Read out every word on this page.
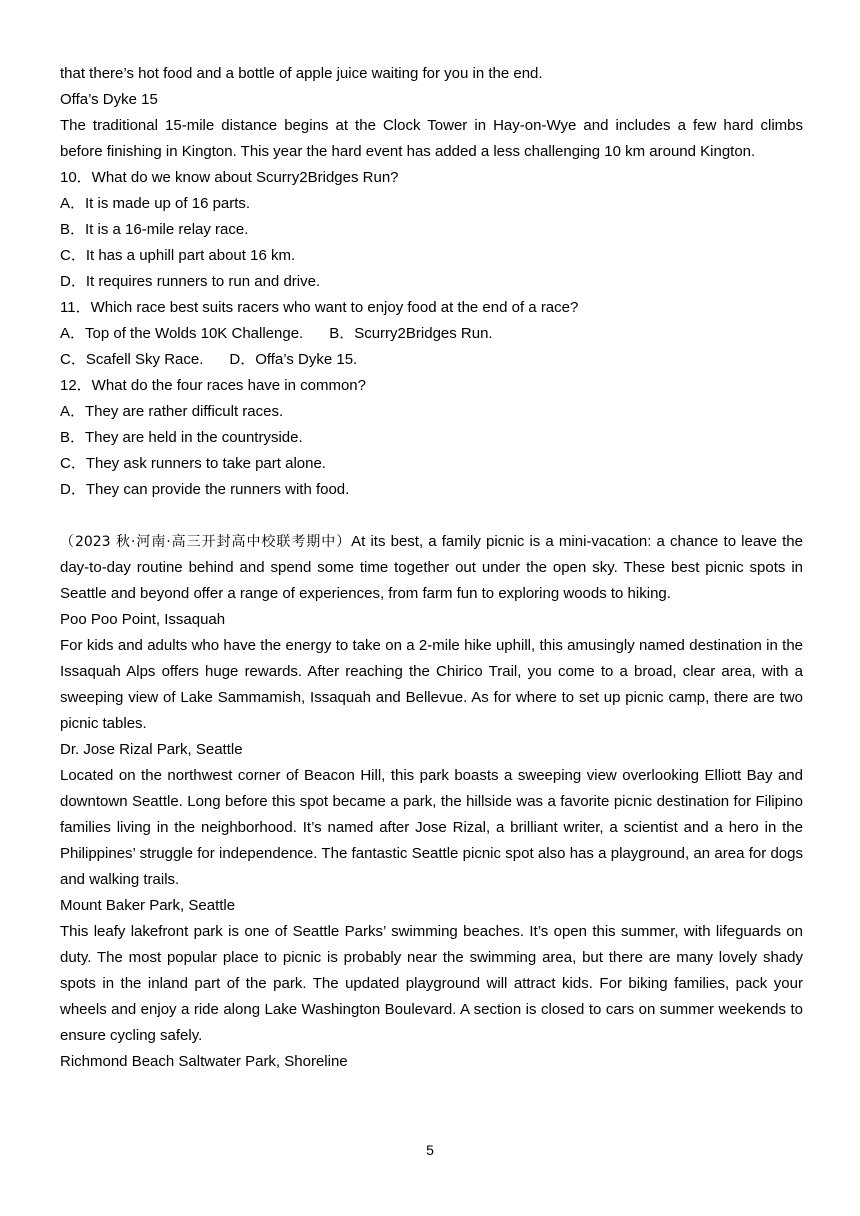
that there’s hot food and a bottle of apple juice waiting for you in the end.
Offa’s Dyke 15
The traditional 15-mile distance begins at the Clock Tower in Hay-on-Wye and includes a few hard climbs before finishing in Kington. This year the hard event has added a less challenging 10 km around Kington.
10．What do we know about Scurry2Bridges Run?
A．It is made up of 16 parts.
B．It is a 16-mile relay race.
C．It has a uphill part about 16 km.
D．It requires runners to run and drive.
11．Which race best suits racers who want to enjoy food at the end of a race?
A．Top of the Wolds 10K Challenge. B．Scurry2Bridges Run.
C．Scafell Sky Race. D．Offa’s Dyke 15.
12．What do the four races have in common?
A．They are rather difficult races.
B．They are held in the countryside.
C．They ask runners to take part alone.
D．They can provide the runners with food.
（2023 秋·河南·高三开封高中校联考期中）At its best, a family picnic is a mini-vacation: a chance to leave the day-to-day routine behind and spend some time together out under the open sky. These best picnic spots in Seattle and beyond offer a range of experiences, from farm fun to exploring woods to hiking.
Poo Poo Point, Issaquah
For kids and adults who have the energy to take on a 2-mile hike uphill, this amusingly named destination in the Issaquah Alps offers huge rewards. After reaching the Chirico Trail, you come to a broad, clear area, with a sweeping view of Lake Sammamish, Issaquah and Bellevue. As for where to set up picnic camp, there are two picnic tables.
Dr. Jose Rizal Park, Seattle
Located on the northwest corner of Beacon Hill, this park boasts a sweeping view overlooking Elliott Bay and downtown Seattle. Long before this spot became a park, the hillside was a favorite picnic destination for Filipino families living in the neighborhood. It’s named after Jose Rizal, a brilliant writer, a scientist and a hero in the Philippines’ struggle for independence. The fantastic Seattle picnic spot also has a playground, an area for dogs and walking trails.
Mount Baker Park, Seattle
This leafy lakefront park is one of Seattle Parks’ swimming beaches. It’s open this summer, with lifeguards on duty. The most popular place to picnic is probably near the swimming area, but there are many lovely shady spots in the inland part of the park. The updated playground will attract kids. For biking families, pack your wheels and enjoy a ride along Lake Washington Boulevard. A section is closed to cars on summer weekends to ensure cycling safely.
Richmond Beach Saltwater Park, Shoreline
5
